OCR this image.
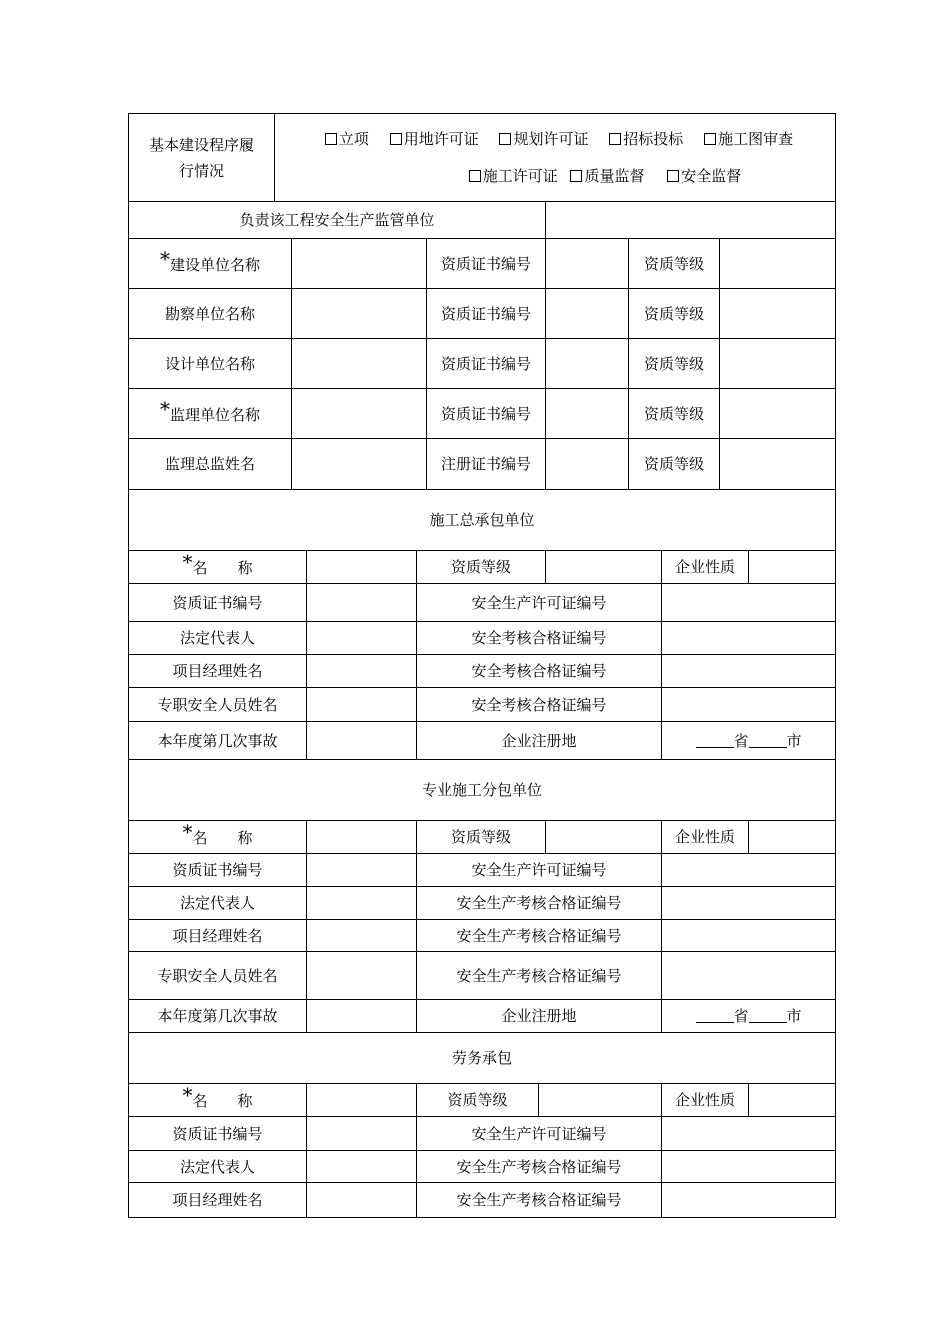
基本建设程序履行情况	
立项 用地许可证 规划许可证 招标投标 施工图审查
施工许可证 质量监督 安全监督
负责该工程安全生产监管单位					
*建设单位名称		资质证书编号		资质等级	
勘察单位名称		资质证书编号		资质等级	
设计单位名称		资质证书编号		资质等级	
*监理单位名称		资质证书编号		资质等级	
监理总监姓名		注册证书编号		资质等级	
施工总承包单位					
*名　　称		资质等级		企业性质	
资质证书编号		安全生产许可证编号			
法定代表人		安全考核合格证编号			
项目经理姓名		安全考核合格证编号			
专职安全人员姓名		安全考核合格证编号			
本年度第几次事故		企业注册地		省 市	
专业施工分包单位					
*名　　称		资质等级		企业性质	
资质证书编号		安全生产许可证编号			
法定代表人		安全生产考核合格证编号			
项目经理姓名		安全生产考核合格证编号			
专职安全人员姓名		安全生产考核合格证编号			
本年度第几次事故		企业注册地		省 市	
劳务承包					
*名　　称		资质等级		企业性质	
资质证书编号		安全生产许可证编号			
法定代表人		安全生产考核合格证编号			
项目经理姓名		安全生产考核合格证编号			
